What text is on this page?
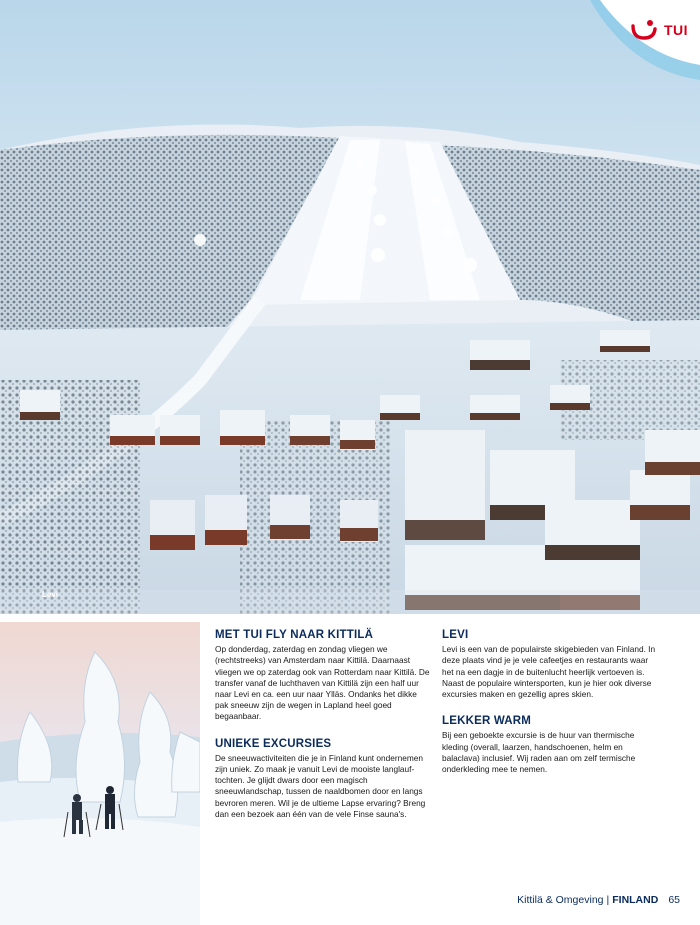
Levi
TUI
MET TUI FLY NAAR KITTILÄ

Op donderdag, zaterdag en zondag vliegen we (rechtstreeks) van Amsterdam naar Kittilä. Daarnaast vliegen we op zaterdag ook van Rotterdam naar Kittilä. De transfer vanaf de luchthaven van Kittilä zijn een half uur naar Levi en ca. een uur naar Ylläs. Ondanks het dikke pak sneeuw zijn de wegen in Lapland heel goed begaanbaar.

UNIEKE EXCURSIES

De sneeuwactiviteiten die je in Finland kunt ondernemen zijn uniek. Zo maak je vanuit Levi de mooiste langlauf-tochten. Je glijdt dwars door een magisch sneeuwlandschap, tussen de naaldbomen door en langs bevroren meren. Wil je de ultieme Lapse ervaring? Breng dan een bezoek aan één van de vele Finse sauna's.

LEVI

Levi is een van de populairste skigebieden van Finland. In deze plaats vind je je vele cafeetjes en restaurants waar het na een dagje in de buitenlucht heerlijk vertoeven is. Naast de populaire wintersporten, kun je hier ook diverse excursies maken en gezellig apres skien.

LEKKER WARM

Bij een geboekte excursie is de huur van thermische kleding (overall, laarzen, handschoenen, helm en balaclava) inclusief. Wij raden aan om zelf termische onderkleding mee te nemen.

Kittilä & Omgeving | FINLAND 65
